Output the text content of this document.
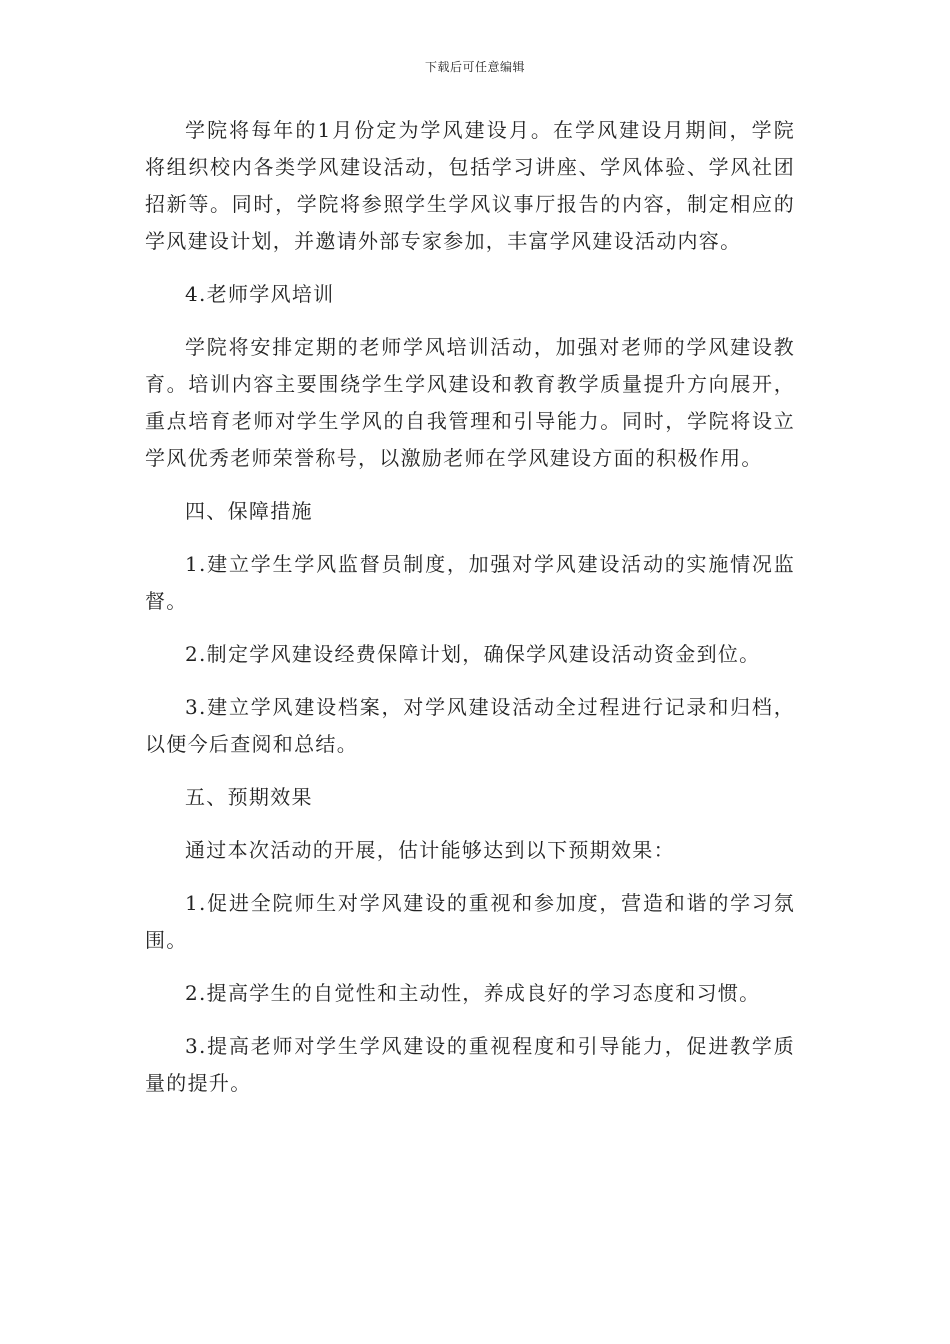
下载后可任意编辑

学院将每年的1月份定为学风建设月。在学风建设月期间，学院将组织校内各类学风建设活动，包括学习讲座、学风体验、学风社团招新等。同时，学院将参照学生学风议事厅报告的内容，制定相应的学风建设计划，并邀请外部专家参加，丰富学风建设活动内容。

4.老师学风培训

学院将安排定期的老师学风培训活动，加强对老师的学风建设教育。培训内容主要围绕学生学风建设和教育教学质量提升方向展开，重点培育老师对学生学风的自我管理和引导能力。同时，学院将设立学风优秀老师荣誉称号，以激励老师在学风建设方面的积极作用。

四、保障措施

1.建立学生学风监督员制度，加强对学风建设活动的实施情况监督。

2.制定学风建设经费保障计划，确保学风建设活动资金到位。

3.建立学风建设档案，对学风建设活动全过程进行记录和归档，以便今后查阅和总结。

五、预期效果

通过本次活动的开展，估计能够达到以下预期效果：

1.促进全院师生对学风建设的重视和参加度，营造和谐的学习氛围。

2.提高学生的自觉性和主动性，养成良好的学习态度和习惯。

3.提高老师对学生学风建设的重视程度和引导能力，促进教学质量的提升。
